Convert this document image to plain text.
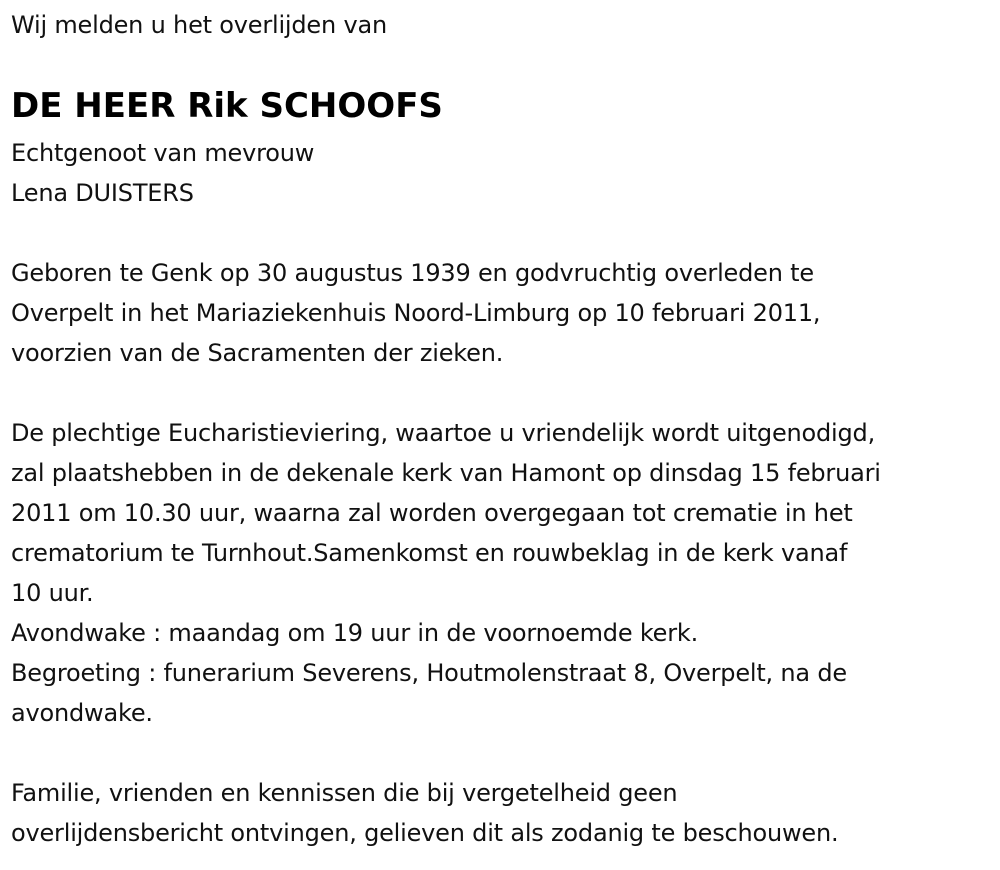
Wij melden u het overlijden van
DE HEER Rik SCHOOFS
Echtgenoot van mevrouw
Lena DUISTERS
Geboren te Genk op 30 augustus 1939 en godvruchtig overleden te
Overpelt in het Mariaziekenhuis Noord-Limburg op 10 februari 2011,
voorzien van de Sacramenten der zieken.
De plechtige Eucharistieviering, waartoe u vriendelijk wordt uitgenodigd,
zal plaatshebben in de dekenale kerk van Hamont op dinsdag 15 februari
2011 om 10.30 uur, waarna zal worden overgegaan tot crematie in het
crematorium te Turnhout.Samenkomst en rouwbeklag in de kerk vanaf
10 uur.
Avondwake : maandag om 19 uur in de voornoemde kerk.
Begroeting : funerarium Severens, Houtmolenstraat 8, Overpelt, na de
avondwake.
Familie, vrienden en kennissen die bij vergetelheid geen
overlijdensbericht ontvingen, gelieven dit als zodanig te beschouwen.
